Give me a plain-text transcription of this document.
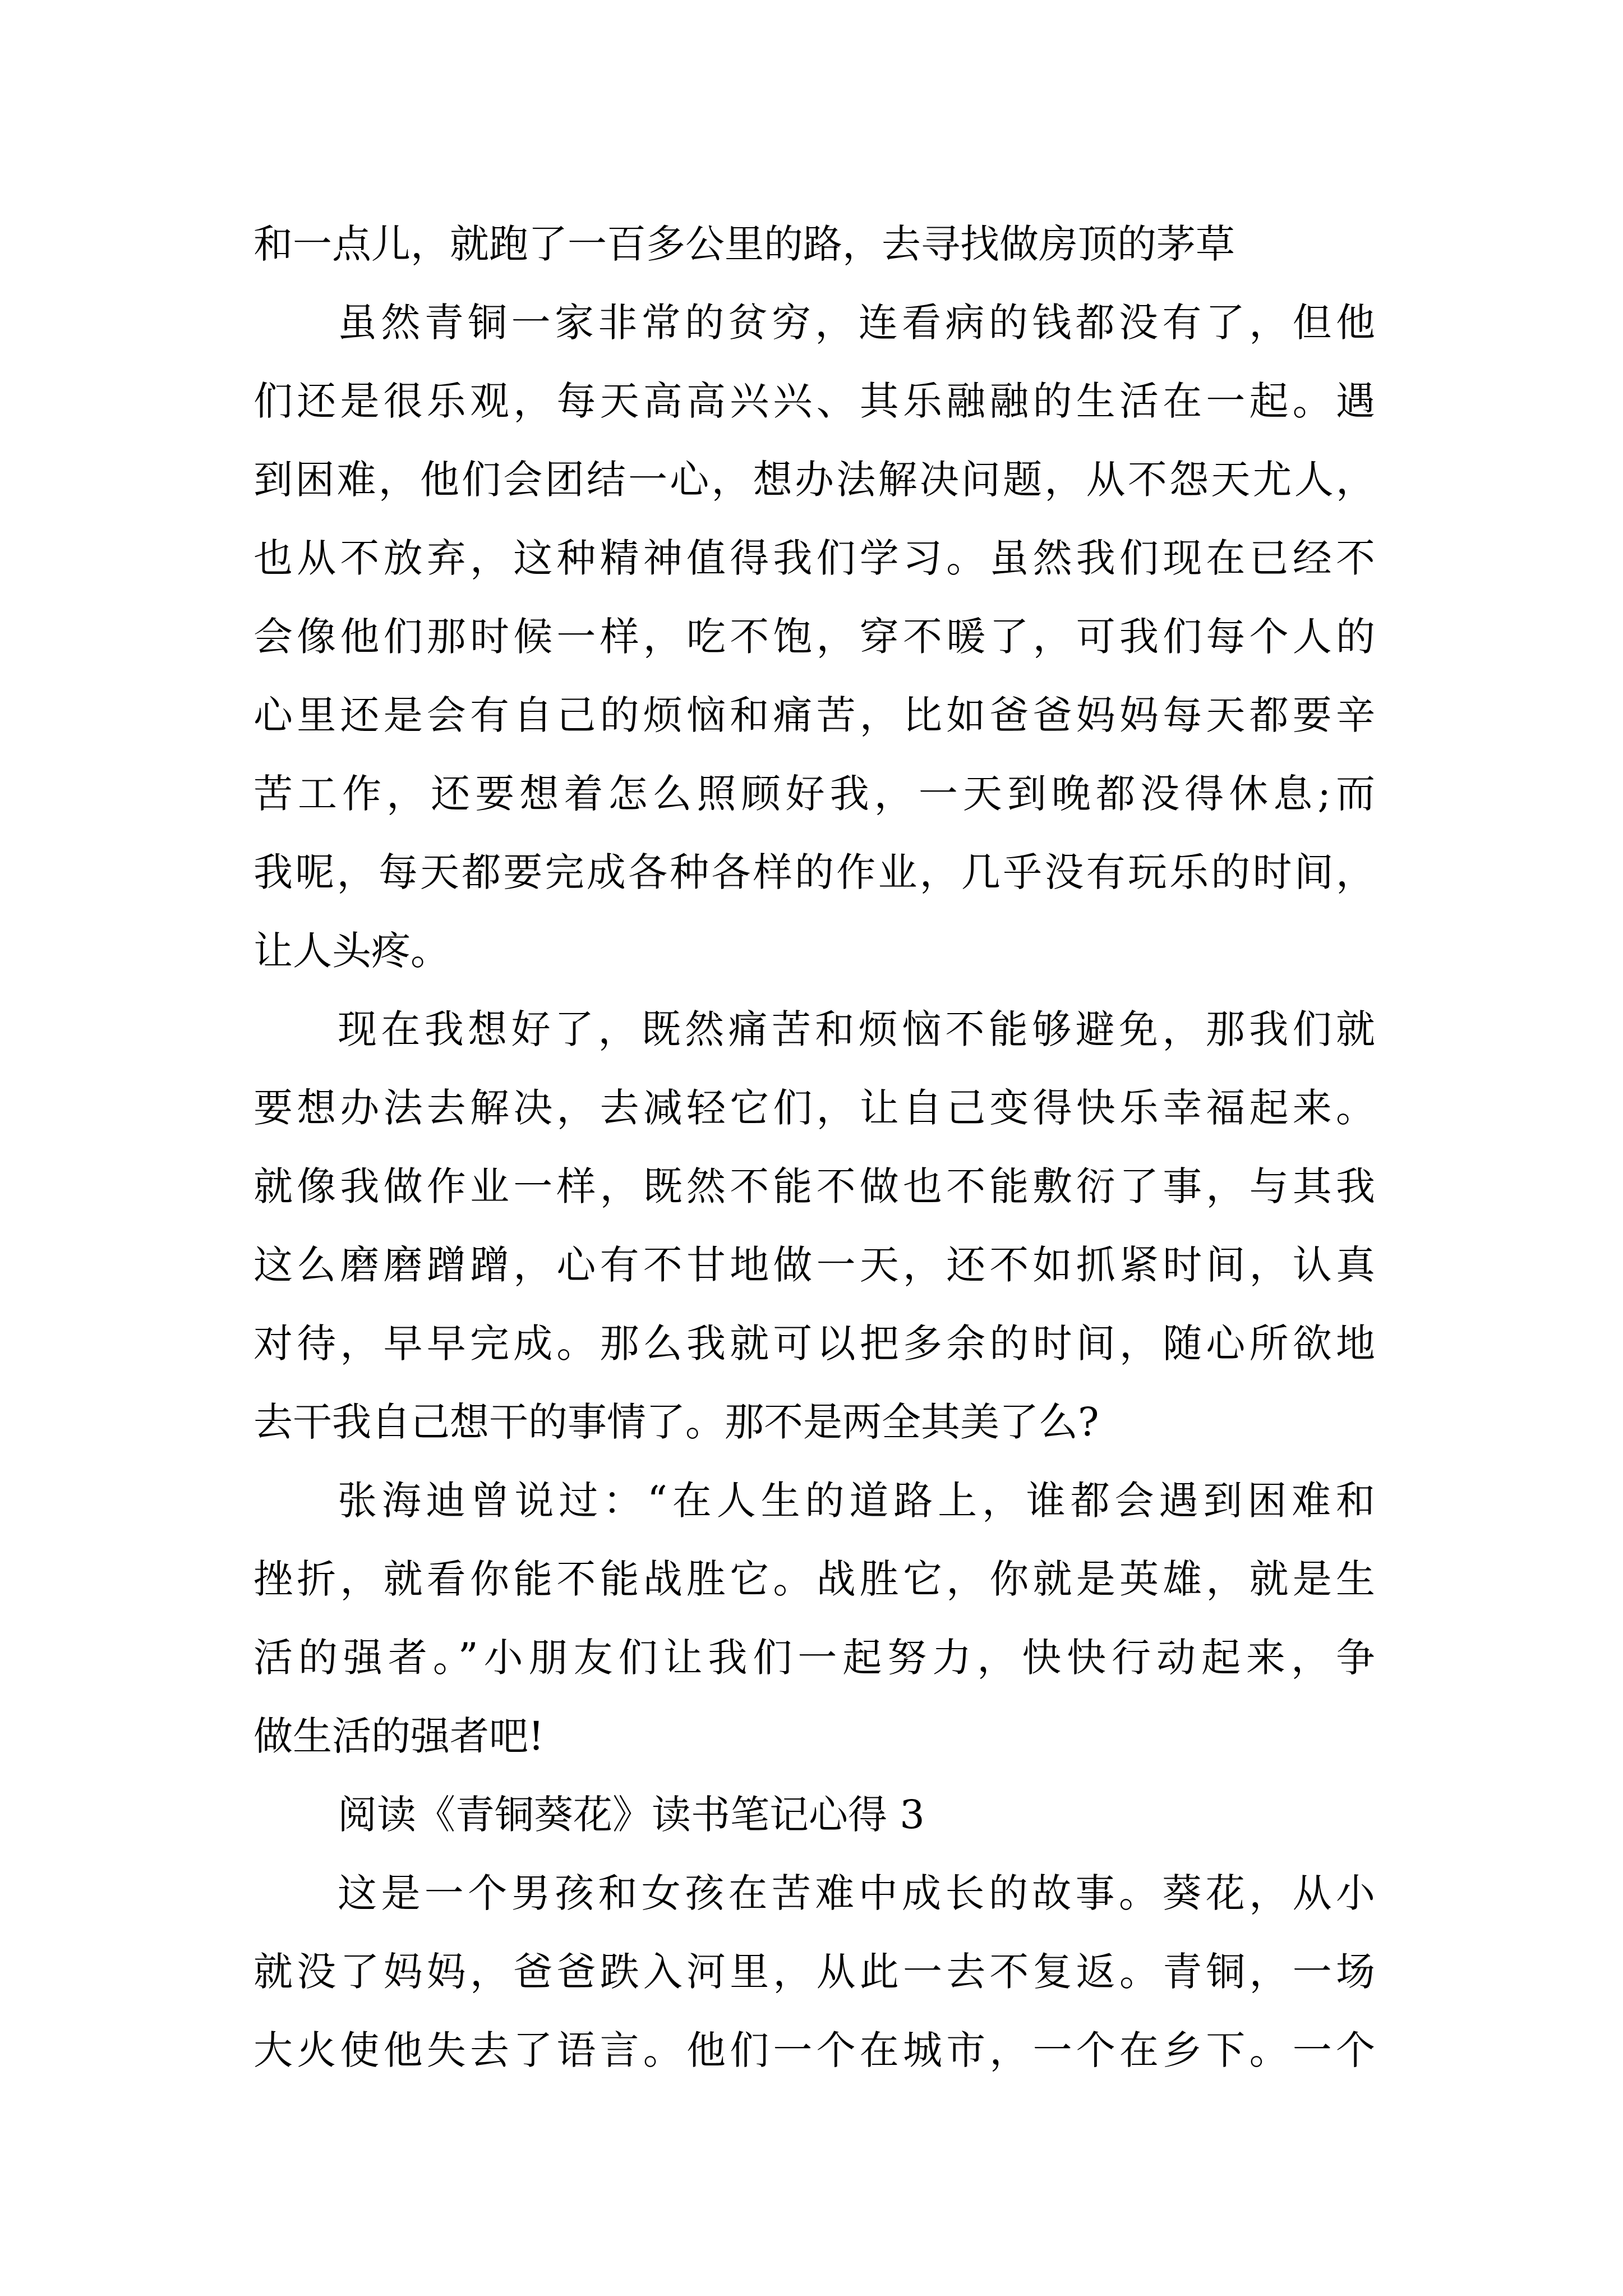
和一点儿，就跑了一百多公里的路，去寻找做房顶的茅草
虽然青铜一家非常的贫穷，连看病的钱都没有了，但他
们还是很乐观，每天高高兴兴、其乐融融的生活在一起。遇
到困难，他们会团结一心，想办法解决问题，从不怨天尤人，
也从不放弃，这种精神值得我们学习。虽然我们现在已经不
会像他们那时候一样，吃不饱，穿不暖了，可我们每个人的
心里还是会有自己的烦恼和痛苦，比如爸爸妈妈每天都要辛
苦工作，还要想着怎么照顾好我，一天到晚都没得休息;而
我呢，每天都要完成各种各样的作业，几乎没有玩乐的时间，
让人头疼。
现在我想好了，既然痛苦和烦恼不能够避免，那我们就
要想办法去解决，去减轻它们，让自己变得快乐幸福起来。
就像我做作业一样，既然不能不做也不能敷衍了事，与其我
这么磨磨蹭蹭，心有不甘地做一天，还不如抓紧时间，认真
对待，早早完成。那么我就可以把多余的时间，随心所欲地
去干我自己想干的事情了。那不是两全其美了么?
张海迪曾说过：“在人生的道路上，谁都会遇到困难和
挫折，就看你能不能战胜它。战胜它，你就是英雄，就是生
活的强者。”小朋友们让我们一起努力，快快行动起来，争
做生活的强者吧!
阅读《青铜葵花》读书笔记心得 3
这是一个男孩和女孩在苦难中成长的故事。葵花，从小
就没了妈妈，爸爸跌入河里，从此一去不复返。青铜，一场
大火使他失去了语言。他们一个在城市，一个在乡下。一个
